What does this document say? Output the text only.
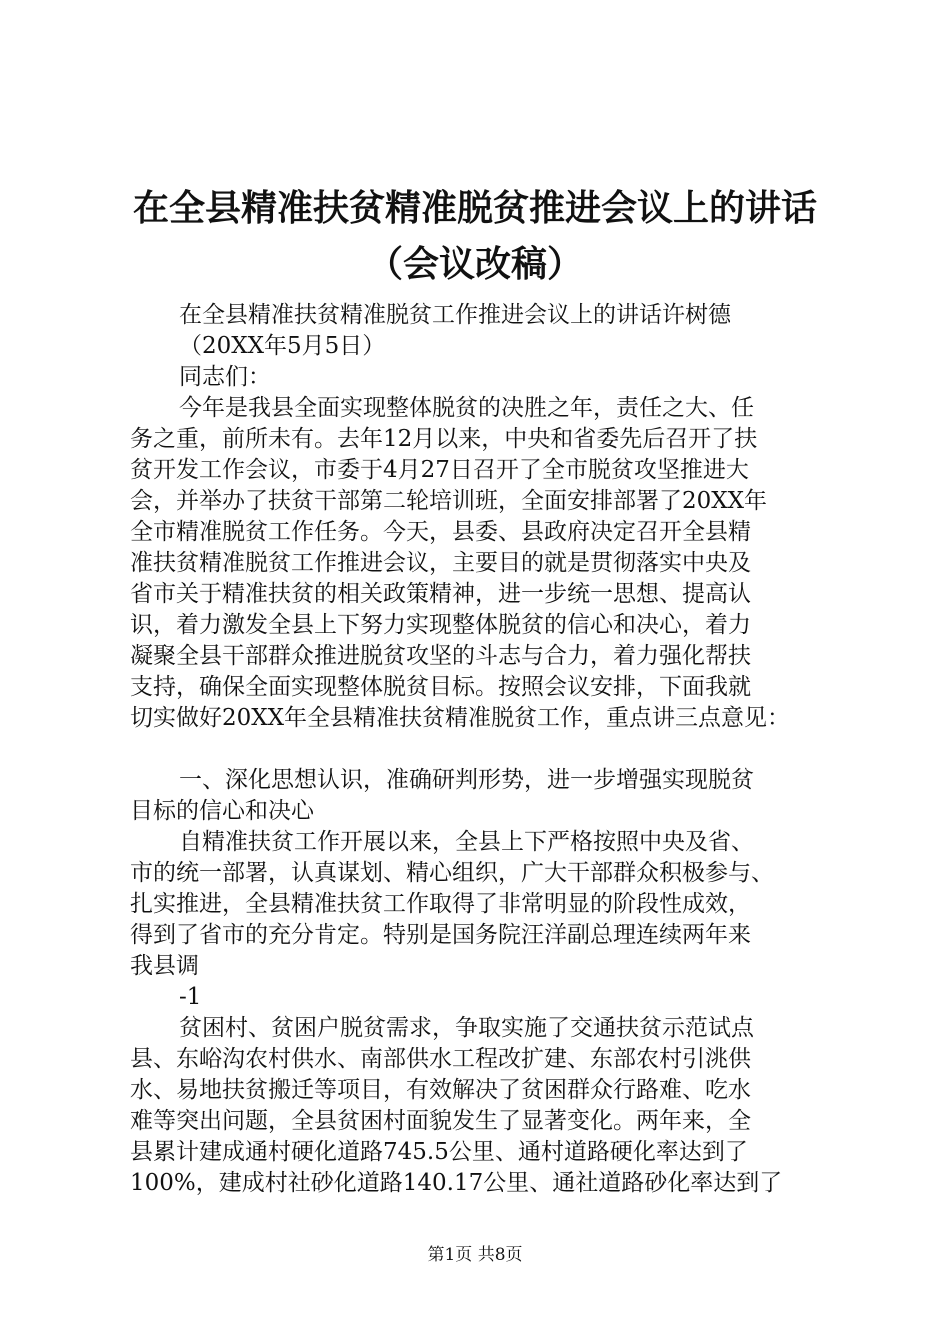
在全县精准扶贫精准脱贫推进会议上的讲话
（会议改稿）
在全县精准扶贫精准脱贫工作推进会议上的讲话许树德
（20XX年5月5日）
同志们：
今年是我县全面实现整体脱贫的决胜之年，责任之大、任
务之重，前所未有。去年12月以来，中央和省委先后召开了扶
贫开发工作会议，市委于4月27日召开了全市脱贫攻坚推进大
会，并举办了扶贫干部第二轮培训班，全面安排部署了20XX年
全市精准脱贫工作任务。今天，县委、县政府决定召开全县精
准扶贫精准脱贫工作推进会议，主要目的就是贯彻落实中央及
省市关于精准扶贫的相关政策精神，进一步统一思想、提高认
识，着力激发全县上下努力实现整体脱贫的信心和决心，着力
凝聚全县干部群众推进脱贫攻坚的斗志与合力，着力强化帮扶
支持，确保全面实现整体脱贫目标。按照会议安排，下面我就
切实做好20XX年全县精准扶贫精准脱贫工作，重点讲三点意见：
一、深化思想认识，准确研判形势，进一步增强实现脱贫
目标的信心和决心
自精准扶贫工作开展以来，全县上下严格按照中央及省、
市的统一部署，认真谋划、精心组织，广大干部群众积极参与、
扎实推进，全县精准扶贫工作取得了非常明显的阶段性成效，
得到了省市的充分肯定。特别是国务院汪洋副总理连续两年来
我县调
-1
贫困村、贫困户脱贫需求，争取实施了交通扶贫示范试点
县、东峪沟农村供水、南部供水工程改扩建、东部农村引洮供
水、易地扶贫搬迁等项目，有效解决了贫困群众行路难、吃水
难等突出问题，全县贫困村面貌发生了显著变化。两年来，全
县累计建成通村硬化道路745.5公里、通村道路硬化率达到了
100%，建成村社砂化道路140.17公里、通社道路砂化率达到了
第1页 共8页
